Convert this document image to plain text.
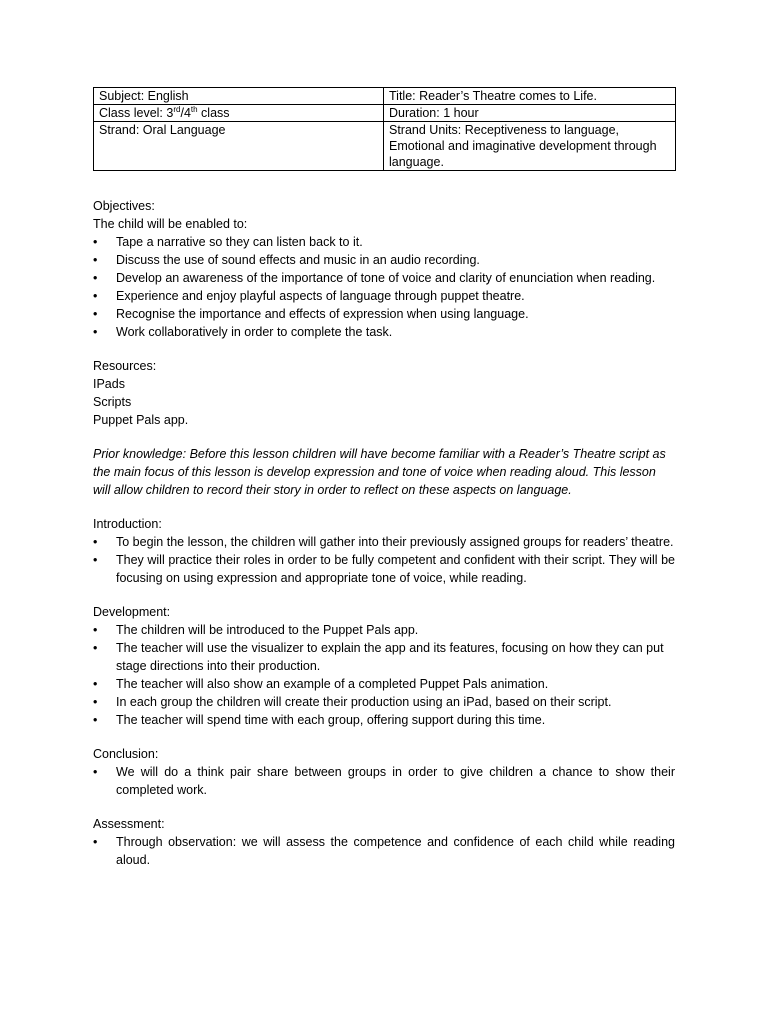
Subject: English	Title: Reader’s Theatre comes to Life.
Class level: 3rd/4th class	Duration: 1 hour
Strand: Oral Language	Strand Units: Receptiveness to language, Emotional and imaginative development through language.
Objectives:
The child will be enabled to:
•	Tape a narrative so they can listen back to it.
•	Discuss the use of sound effects and music in an audio recording.
•	Develop an awareness of the importance of tone of voice and clarity of enunciation when reading.
•	Experience and enjoy playful aspects of language through puppet theatre.
•	Recognise the importance and effects of expression when using language.
•	Work collaboratively in order to complete the task.
Resources:
IPads
Scripts
Puppet Pals app.
Prior knowledge: Before this lesson children will have become familiar with a Reader’s Theatre script as the main focus of this lesson is develop expression and tone of voice when reading aloud. This lesson will allow children to record their story in order to reflect on these aspects on language.
Introduction:
•	To begin the lesson, the children will gather into their previously assigned groups for readers’ theatre.
•	They will practice their roles in order to be fully competent and confident with their script. They will be focusing on using expression and appropriate tone of voice, while reading.
Development:
•	The children will be introduced to the Puppet Pals app.
•	The teacher will use the visualizer to explain the app and its features, focusing on how they can put stage directions into their production.
•	The teacher will also show an example of a completed Puppet Pals animation.
•	In each group the children will create their production using an iPad, based on their script.
•	The teacher will spend time with each group, offering support during this time.
Conclusion:
•	We will do a think pair share between groups in order to give children a chance to show their completed work.
Assessment:
•	Through observation: we will assess the competence and confidence of each child while reading aloud.
